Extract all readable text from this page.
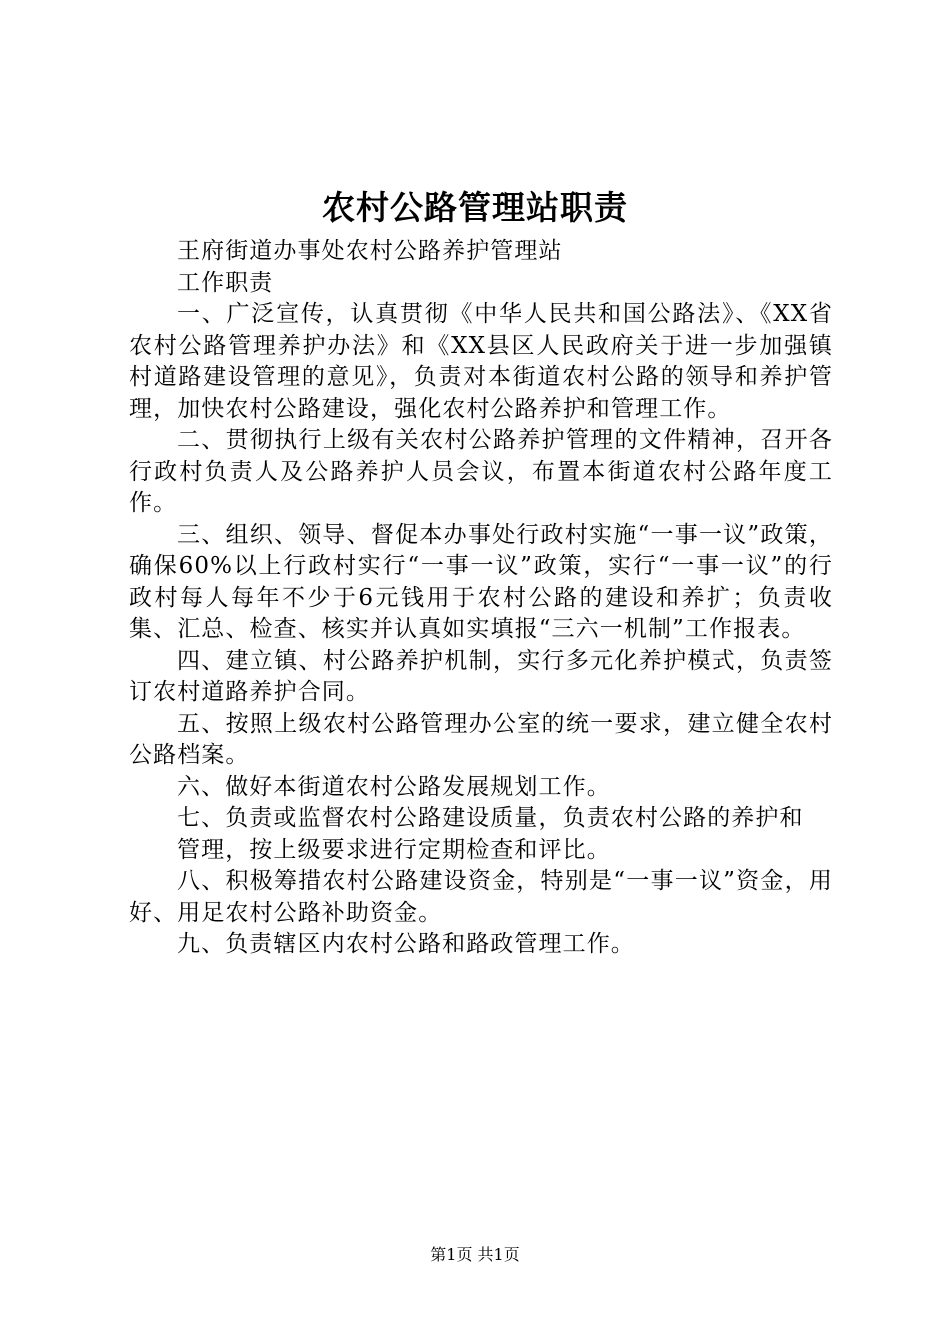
农村公路管理站职责

王府街道办事处农村公路养护管理站

工作职责

一、广泛宣传，认真贯彻《中华人民共和国公路法》、《XX省农村公路管理养护办法》和《XX县区人民政府关于进一步加强镇村道路建设管理的意见》，负责对本街道农村公路的领导和养护管理，加快农村公路建设，强化农村公路养护和管理工作。

二、贯彻执行上级有关农村公路养护管理的文件精神，召开各行政村负责人及公路养护人员会议，布置本街道农村公路年度工作。

三、组织、领导、督促本办事处行政村实施“一事一议”政策，确保60%以上行政村实行“一事一议”政策，实行“一事一议”的行政村每人每年不少于6元钱用于农村公路的建设和养扩；负责收集、汇总、检查、核实并认真如实填报“三六一机制”工作报表。

四、建立镇、村公路养护机制，实行多元化养护模式，负责签订农村道路养护合同。

五、按照上级农村公路管理办公室的统一要求，建立健全农村公路档案。

六、做好本街道农村公路发展规划工作。

七、负责或监督农村公路建设质量，负责农村公路的养护和

管理，按上级要求进行定期检查和评比。

八、积极筹措农村公路建设资金，特别是“一事一议”资金，用好、用足农村公路补助资金。

九、负责辖区内农村公路和路政管理工作。

第1页 共1页
